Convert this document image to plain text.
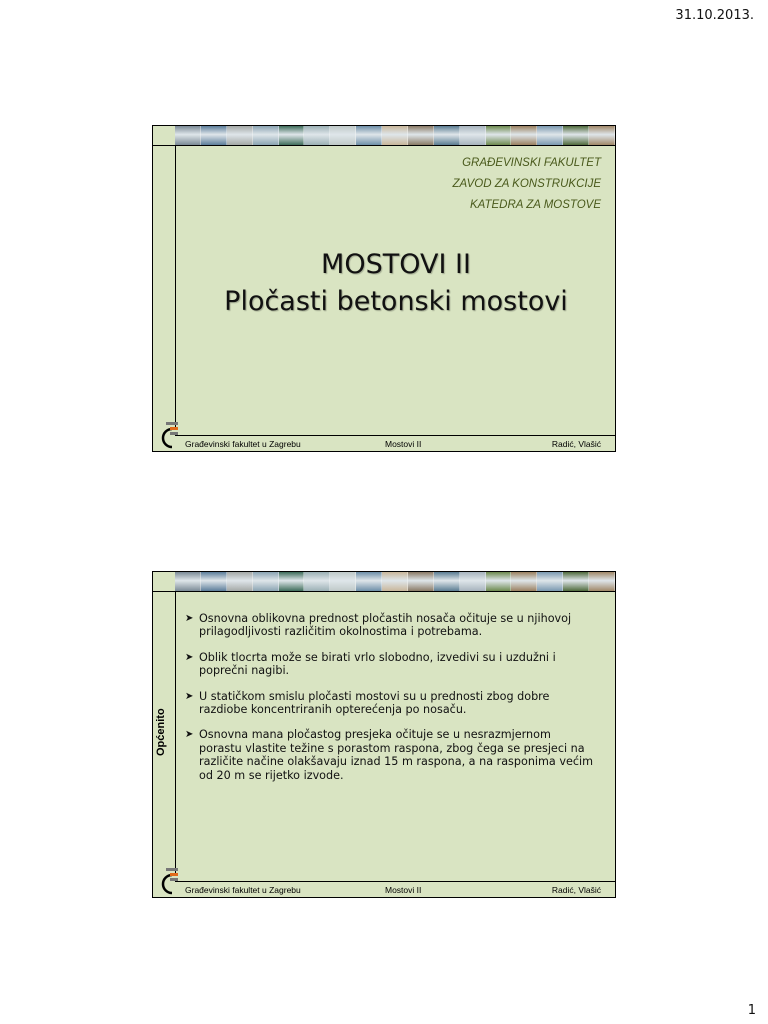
31.10.2013.
GRAĐEVINSKI FAKULTET
ZAVOD ZA KONSTRUKCIJE
KATEDRA ZA MOSTOVE
MOSTOVI II
Pločasti betonski mostovi
Građevinski fakultet u Zagrebu	Mostovi II	Radić, Vlašić
Općenito
➤ Osnovna oblikovna prednost pločastih nosača očituje se u njihovoj prilagodljivosti različitim okolnostima i potrebama.
➤ Oblik tlocrta može se birati vrlo slobodno, izvedivi su i uzdužni i poprečni nagibi.
➤ U statičkom smislu pločasti mostovi su u prednosti zbog dobre razdiobe koncentriranih opterećenja po nosaču.
➤ Osnovna mana pločastog presjeka očituje se u nesrazmjernom porastu vlastite težine s porastom raspona, zbog čega se presjeci na različite načine olakšavaju iznad 15 m raspona, a na rasponima većim od 20 m se rijetko izvode.
Građevinski fakultet u Zagrebu	Mostovi II	Radić, Vlašić
1
